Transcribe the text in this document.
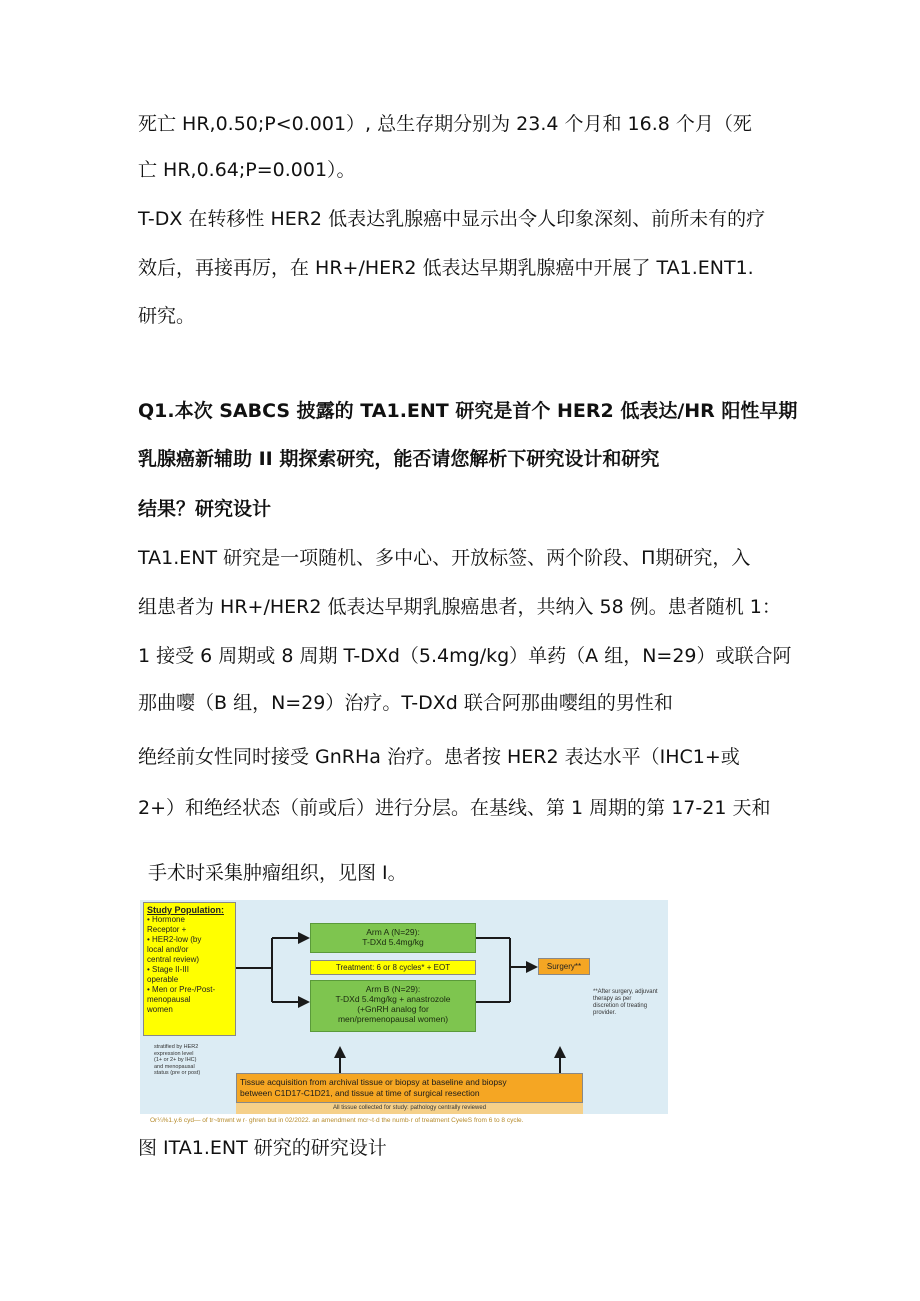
死亡 HR,0.50;P<0.001）, 总生存期分别为 23.4 个月和 16.8 个月（死
亡 HR,0.64;P=0.001）。
T-DX 在转移性 HER2 低表达乳腺癌中显示出令人印象深刻、前所未有的疗
效后，再接再厉，在 HR+/HER2 低表达早期乳腺癌中开展了 TA1.ENT1.
研究。
Q1.本次 SABCS 披露的 TA1.ENT 研究是首个 HER2 低表达/HR 阳性早期
乳腺癌新辅助 II 期探索研究，能否请您解析下研究设计和研究
结果？研究设计
TA1.ENT 研究是一项随机、多中心、开放标签、两个阶段、П期研究，入
组患者为 HR+/HER2 低表达早期乳腺癌患者，共纳入 58 例。患者随机 1：
1 接受 6 周期或 8 周期 T-DXd（5.4mg/kg）单药（A 组，N=29）或联合阿
那曲嘤（B 组，N=29）治疗。T-DXd 联合阿那曲嘤组的男性和
绝经前女性同时接受 GnRHa 治疗。患者按 HER2 表达水平（IHC1+或
2+）和绝经状态（前或后）进行分层。在基线、第 1 周期的第 17-21 天和
手术时采集肿瘤组织，见图 I。
Study Population:
• Hormone
Receptor +
• HER2-low (by
local and/or
central review)
• Stage II-III
operable
• Men or Pre-/Post-
menopausal
women
Arm A (N=29):
T-DXd 5.4mg/kg
Treatment: 6 or 8 cycles* + EOT
Arm B (N=29):
T-DXd 5.4mg/kg + anastrozole
(+GnRH analog for
men/premenopausal women)
Surgery**
**After surgery, adjuvant
therapy as per
discretion of treating
provider.
stratified by HER2
expression level
(1+ or 2+ by IHC)
and menopausal
status (pre or post)
Tissue acquisition from archival tissue or biopsy at baseline and biopsy
between C1D17-C1D21, and tissue at time of surgical resection
All tissue collected for study: pathology centrally reviewed
Or¼%1.y.6 cyd— of tr~tmwnt w r· ghren but in 02/2022. an amendment mcr~t·d the numb·r of treatment CyeleS from 6 to 8 cycle.
图 ITA1.ENT 研究的研究设计
